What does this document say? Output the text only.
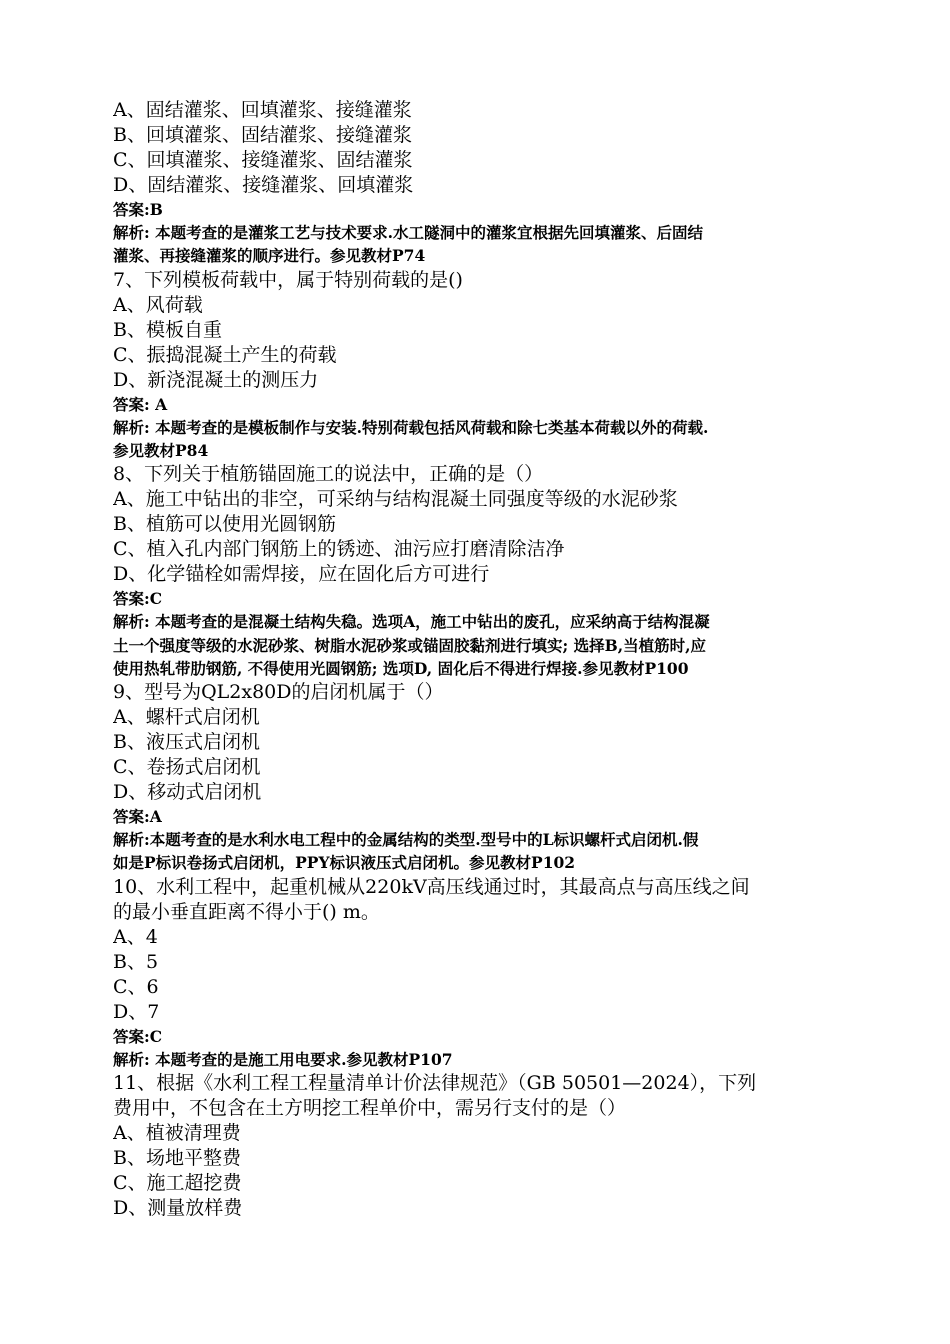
A、固结灌浆、回填灌浆、接缝灌浆
B、回填灌浆、固结灌浆、接缝灌浆
C、回填灌浆、接缝灌浆、固结灌浆
D、固结灌浆、接缝灌浆、回填灌浆
答案:B
解析: 本题考查的是灌浆工艺与技术要求.水工隧洞中的灌浆宜根据先回填灌浆、后固结
灌浆、再接缝灌浆的顺序进行。参见教材P74
7、下列模板荷载中，属于特别荷载的是()
A、风荷载
B、模板自重
C、振捣混凝土产生的荷载
D、新浇混凝土的测压力
答案: A
解析: 本题考查的是模板制作与安装.特别荷载包括风荷载和除七类基本荷载以外的荷载.
参见教材P84
8、下列关于植筋锚固施工的说法中，正确的是（）
A、施工中钻出的非空，可采纳与结构混凝土同强度等级的水泥砂浆
B、植筋可以使用光圆钢筋
C、植入孔内部门钢筋上的锈迹、油污应打磨清除洁净
D、化学锚栓如需焊接，应在固化后方可进行
答案:C
解析: 本题考查的是混凝土结构失稳。选项A，施工中钻出的废孔，应采纳高于结构混凝
土一个强度等级的水泥砂浆、树脂水泥砂浆或锚固胶黏剂进行填实; 选择B,当植筋时,应
使用热轧带肋钢筋, 不得使用光圆钢筋; 选项D, 固化后不得进行焊接.参见教材P100
9、型号为QL2x80D的启闭机属于（）
A、螺杆式启闭机
B、液压式启闭机
C、卷扬式启闭机
D、移动式启闭机
答案:A
解析:本题考查的是水利水电工程中的金属结构的类型.型号中的L标识螺杆式启闭机.假
如是P标识卷扬式启闭机，PPY标识液压式启闭机。参见教材P102
10、水利工程中，起重机械从220kV高压线通过时，其最高点与高压线之间
的最小垂直距离不得小于() m。
A、4
B、5
C、6
D、7
答案:C
解析: 本题考查的是施工用电要求.参见教材P107
11、根据《水利工程工程量清单计价法律规范》（GB 50501—2024），下列
费用中，不包含在土方明挖工程单价中，需另行支付的是（）
A、植被清理费
B、场地平整费
C、施工超挖费
D、测量放样费
